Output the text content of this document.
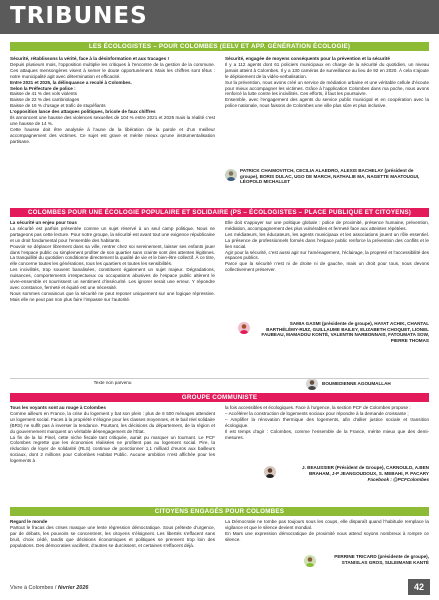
TRIBUNES
LES ÉCOLOGISTES – POUR COLOMBES (EELV ET APP. GÉNÉRATION ÉCOLOGIE)

Sécurité, rétablissons la vérité, face à la désinformation et aux tracages !

Depuis plusieurs mois, l’opposition multiplie les critiques à l’encontre de la gestion de la commune. Ces attaques mensongères visent à semer le doute opportunément. Mais les chiffres sont têtus : notre municipalité agit avec détermination et efficacité.

Entre 2021 et 2025, la délinquance a reculé à Colombes.

Selon la Préfecture de police :

Baisse de 41 % des vols violents

Baisse de 22 % des cambriolages

Baisse de 16 % d’usage et trafic de stupéfiants

L’opposition lance des attaques politiques, bricole de faux chiffres

Ils annoncent une hausse des violences sexuelles de 104 % entre 2021 et 2025 mais la réalité c’est une hausse de 14 %.

Cette hausse doit être analysée à l’aune de la libération de la parole et d’un meilleur accompagnement des victimes. Ce sujet est grave et mérite mieux qu’une instrumentalisation partisane.

Sécurité, engagée de moyens conséquents pour la prévention et la sécurité

Il y a 112 agents dont 61 policiers municipaux en charge de la sécurité du quotidien, un niveau jamais atteint à Colombes. Il y a 130 caméras de surveillance au lieu de 92 en 2020. À cela s’ajoute le déploiement de la vidéo-verbalisation.

Sur la prévention, nous avons créé un service de médiation urbaine et une véritable cellule d’écoute pour mieux accompagner les victimes. Grâce à l’application Colombes dans ma poche, nous avons renforcé la lutte contre les incivilités. Ces efforts, il faut les poursuivre.

Ensemble, avec l’engagement des agents du service public municipal et en coopération avec la police nationale, nous faisons de Colombes une ville plus sûre et plus inclusive.

PATRICK CHAIMOVITCH, CECILIA ALAEDRO, ALEXIS BACHELAY (président de groupe), BORIS DULAC, UGO DE MARCH, NATHALIE MA, NAGETTE MAATOUGUI, LÉOPOLD MICHALLET
COLOMBES POUR UNE ÉCOLOGIE POPULAIRE ET SOLIDAIRE (PS – ÉCOLOGISTES – PLACE PUBLIQUE ET CITOYENS)

La sécurité un enjeu pour tous

La sécurité est parfois présentée comme un sujet réservé à un seul camp politique. Nous ne partageons pas cette lecture. Pour notre groupe, la sécurité est avant tout une exigence républicaine et un droit fondamental pour l’ensemble des habitants.

Pouvoir se déplacer librement dans sa ville, rentrer chez soi sereinement, laisser ses enfants jouer dans l’espace public ou simplement profiter de son quartier sans crainte sont des attentes légitimes. La tranquillité du quotidien conditionne directement la qualité de vie et le bien-être collectif. À ce titre, elle concerne toutes les générations, tous les quartiers et toutes les sensibilités.

Les incivilités, trop souvent banalisées, constituent également un sujet majeur. Dégradations, nuisances, comportements irrespectueux ou occupations abusives de l’espace public altèrent le vivre-ensemble et nourrissent un sentiment d’insécurité. Les ignorer serait une erreur. Y répondre avec constance, fermeté et équité est une nécessité.

Nous sommes convaincus que la sécurité ne peut reposer uniquement sur une logique répressive. Mais elle ne peut pas non plus faire l’impasse sur l’autorité.

Elle doit s’appuyer sur une politique globale : police de proximité, présence humaine, prévention, médiation, accompagnement des plus vulnérables et fermeté face aux atteintes répétées.

Les médiateurs, les éducateurs, les agents municipaux et les associations jouent un rôle essentiel. La présence de professionnels formés dans l’espace public renforce la prévention des conflits et le lien social.

Agir pour la sécurité, c’est aussi agir sur l’aménagement, l’éclairage, la propreté et l’accessibilité des espaces publics.

Parce que la sécurité n’est ni de droite ni de gauche, mais un droit pour tous, nous devons collectivement préserver.

SAMIA GASMI (présidente de groupe), HAYAT ACHIK, CHANTAL BARTHÉLÉMY-RUIZ, GUILLAUME BAILEY, ELIZABETH CHOQUET, LIONEL FAUBEAU, MAMADOU KONTÉ, VALENTIN NARBONNAIS, FATOUMATA SOW, PIERRE THOMAS
Texte non parvenu	BOUMEDIENNE AGOUMALLAH
GROUPE COMMUNISTE

Tous les voyants sont au rouge à Colombes

Comme ailleurs en France, la crise du logement y bat son plein : plus de 6 500 ménages attendent un logement social. Faces à la propriété s’éloigne pour les classes moyennes, et le bail réel solidaire (BRS) ne suffit pas à inverser la tendance. Pourtant, les décisions du département, de la région et du gouvernement marquent un véritable désengagement de l’État.

La fin de la loi Pinel, cette niche fiscale tant critiquée, aurait pu marquer un tournant. Le PCF Colombes regrette que les économies réalisées ne profitent pas au logement social. Pire, la réduction de loyer de solidarité (RLS) continue de ponctionner 1,1 milliard d’euros aux bailleurs sociaux, dont 2 millions pour Colombes Habitat Public. Aucune ambition n’est affichée pour les logements à

la fois accessibles et écologiques. Face à l’urgence, la section PCF de Colombes propose :

– Accélérer la construction de logements sociaux pour répondre à la demande croissante ;

– Amplifier la rénovation thermique des logements, afin d’allier justice sociale et transition écologique.

Il est temps d’agir : Colombes, comme l’ensemble de la France, mérite mieux que des demi-mesures.

J. BEAUSSIER (Président de Groupe), CARNOULD, A.BEN BRAHAM, J-P JEANGOUDOUX, S. MEBAHI, P. PACARY
Facebook : @PCFColombes
CITOYENS ENGAGÉS POUR COLOMBES

Regard le monde

Partout le fracas des crises masque une lente régression démocratique. Sous prétexte d’urgence, par de débats, les pouvoirs se concentrent, les citoyens s’éloignent. Les libertés s’effacent sans bruit, choix cédé, tandis que décisions économiques et politiques se prennent trop loin des populations. Des démocraties vacillent, d’autres se durcissent, et certaines s’effacent déjà.

La Démocratie ne tombe pas toujours sous les coups, elle disparaît quand l’habitude remplace la vigilance et que le silence devient mondial.

En Mars une expression démocratique de proximité nous attend soyons nombreux à rompre ce silence.

PERRINE TRICARD (présidente de groupe), STANISLAS GROS, SULEIMANE KANTÉ
Vivre à Colombes / février 2026	42
